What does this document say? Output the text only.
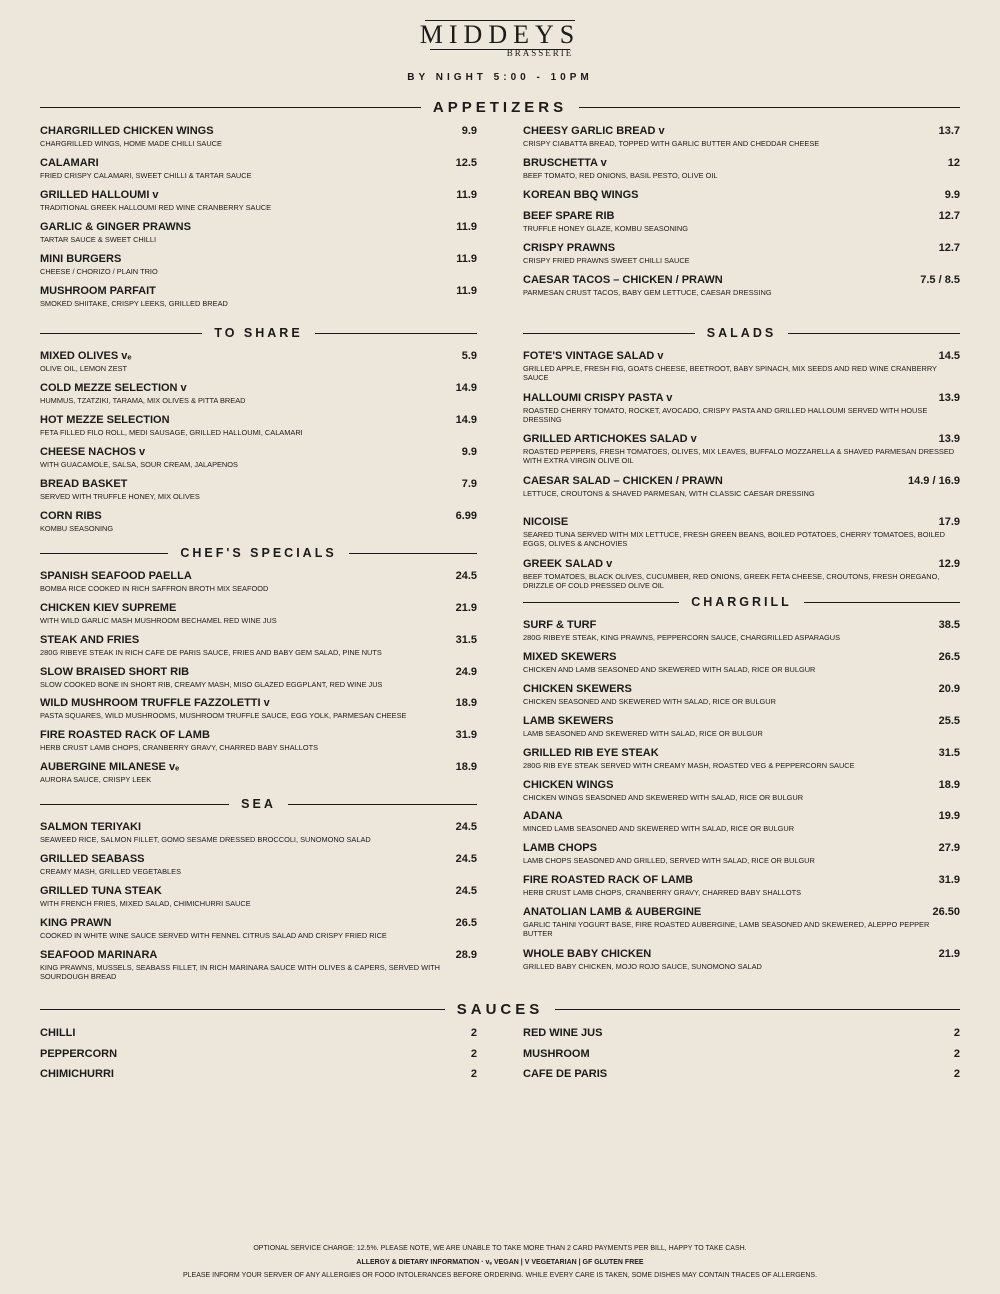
MIDDEYS
BRASSERIE
BY NIGHT 5:00 - 10PM
APPETIZERS
CHARGRILLED CHICKEN WINGS	9.9
CHARGRILLED WINGS, HOME MADE CHILLI SAUCE
CALAMARI	12.5
FRIED CRISPY CALAMARI, SWEET CHILLI & TARTAR SAUCE
GRILLED HALLOUMI v	11.9
TRADITIONAL GREEK HALLOUMI RED WINE CRANBERRY SAUCE
GARLIC & GINGER PRAWNS	11.9
TARTAR SAUCE & SWEET CHILLI
MINI BURGERS	11.9
CHEESE / CHORIZO / PLAIN TRIO
MUSHROOM PARFAIT	11.9
SMOKED SHIITAKE, CRISPY LEEKS, GRILLED BREAD
CHEESY GARLIC BREAD v	13.7
CRISPY CIABATTA BREAD, TOPPED WITH GARLIC BUTTER AND CHEDDAR CHEESE
BRUSCHETTA v	12
BEEF TOMATO, RED ONIONS, BASIL PESTO, OLIVE OIL
KOREAN BBQ WINGS	9.9
BEEF SPARE RIB	12.7
TRUFFLE HONEY GLAZE, KOMBU SEASONING
CRISPY PRAWNS	12.7
CRISPY FRIED PRAWNS SWEET CHILLI SAUCE
CAESAR TACOS – CHICKEN / PRAWN	7.5 / 8.5
PARMESAN CRUST TACOS, BABY GEM LETTUCE, CAESAR DRESSING
TO SHARE
MIXED OLIVES vₑ	5.9
OLIVE OIL, LEMON ZEST
COLD MEZZE SELECTION v	14.9
HUMMUS, TZATZIKI, TARAMA, MIX OLIVES & PITTA BREAD
HOT MEZZE SELECTION	14.9
FETA FILLED FILO ROLL, MEDI SAUSAGE, GRILLED HALLOUMI, CALAMARI
CHEESE NACHOS v	9.9
WITH GUACAMOLE, SALSA, SOUR CREAM, JALAPENOS
BREAD BASKET	7.9
SERVED WITH TRUFFLE HONEY, MIX OLIVES
CORN RIBS	6.99
KOMBU SEASONING
CHEF'S SPECIALS
SPANISH SEAFOOD PAELLA	24.5
BOMBA RICE COOKED IN RICH SAFFRON BROTH MIX SEAFOOD
CHICKEN KIEV SUPREME	21.9
WITH WILD GARLIC MASH MUSHROOM BECHAMEL RED WINE JUS
STEAK AND FRIES	31.5
280G RIBEYE STEAK IN RICH CAFE DE PARIS SAUCE, FRIES AND BABY GEM SALAD, PINE NUTS
SLOW BRAISED SHORT RIB	24.9
SLOW COOKED BONE IN SHORT RIB, CREAMY MASH, MISO GLAZED EGGPLANT, RED WINE JUS
WILD MUSHROOM TRUFFLE FAZZOLETTI v	18.9
PASTA SQUARES, WILD MUSHROOMS, MUSHROOM TRUFFLE SAUCE, EGG YOLK, PARMESAN CHEESE
FIRE ROASTED RACK OF LAMB	31.9
HERB CRUST LAMB CHOPS, CRANBERRY GRAVY, CHARRED BABY SHALLOTS
AUBERGINE MILANESE vₑ	18.9
AURORA SAUCE, CRISPY LEEK
SEA
SALMON TERIYAKI	24.5
SEAWEED RICE, SALMON FILLET, GOMO SESAME DRESSED BROCCOLI, SUNOMONO SALAD
GRILLED SEABASS	24.5
CREAMY MASH, GRILLED VEGETABLES
GRILLED TUNA STEAK	24.5
WITH FRENCH FRIES, MIXED SALAD, CHIMICHURRI SAUCE
KING PRAWN	26.5
COOKED IN WHITE WINE SAUCE SERVED WITH FENNEL CITRUS SALAD AND CRISPY FRIED RICE
SEAFOOD MARINARA	28.9
KING PRAWNS, MUSSELS, SEABASS FILLET, IN RICH MARINARA SAUCE WITH OLIVES & CAPERS, SERVED WITH SOURDOUGH BREAD
SALADS
FOTE'S VINTAGE SALAD v	14.5
GRILLED APPLE, FRESH FIG, GOATS CHEESE, BEETROOT, BABY SPINACH, MIX SEEDS AND RED WINE CRANBERRY SAUCE
HALLOUMI CRISPY PASTA v	13.9
ROASTED CHERRY TOMATO, ROCKET, AVOCADO, CRISPY PASTA AND GRILLED HALLOUMI SERVED WITH HOUSE DRESSING
GRILLED ARTICHOKES SALAD v	13.9
ROASTED PEPPERS, FRESH TOMATOES, OLIVES, MIX LEAVES, BUFFALO MOZZARELLA & SHAVED PARMESAN DRESSED WITH EXTRA VIRGIN OLIVE OIL
CAESAR SALAD – CHICKEN / PRAWN	14.9 / 16.9
LETTUCE, CROUTONS & SHAVED PARMESAN, WITH CLASSIC CAESAR DRESSING
NICOISE	17.9
SEARED TUNA SERVED WITH MIX LETTUCE, FRESH GREEN BEANS, BOILED POTATOES, CHERRY TOMATOES, BOILED EGGS, OLIVES & ANCHOVIES
GREEK SALAD v	12.9
BEEF TOMATOES, BLACK OLIVES, CUCUMBER, RED ONIONS, GREEK FETA CHEESE, CROUTONS, FRESH OREGANO, DRIZZLE OF COLD PRESSED OLIVE OIL
CHARGRILL
SURF & TURF	38.5
280G RIBEYE STEAK, KING PRAWNS, PEPPERCORN SAUCE, CHARGRILLED ASPARAGUS
MIXED SKEWERS	26.5
CHICKEN AND LAMB SEASONED AND SKEWERED WITH SALAD, RICE OR BULGUR
CHICKEN SKEWERS	20.9
CHICKEN SEASONED AND SKEWERED WITH SALAD, RICE OR BULGUR
LAMB SKEWERS	25.5
LAMB SEASONED AND SKEWERED WITH SALAD, RICE OR BULGUR
GRILLED RIB EYE STEAK	31.5
280G RIB EYE STEAK SERVED WITH CREAMY MASH, ROASTED VEG & PEPPERCORN SAUCE
CHICKEN WINGS	18.9
CHICKEN WINGS SEASONED AND SKEWERED WITH SALAD, RICE OR BULGUR
ADANA	19.9
MINCED LAMB SEASONED AND SKEWERED WITH SALAD, RICE OR BULGUR
LAMB CHOPS	27.9
LAMB CHOPS SEASONED AND GRILLED, SERVED WITH SALAD, RICE OR BULGUR
FIRE ROASTED RACK OF LAMB	31.9
HERB CRUST LAMB CHOPS, CRANBERRY GRAVY, CHARRED BABY SHALLOTS
ANATOLIAN LAMB & AUBERGINE	26.50
GARLIC TAHINI YOGURT BASE, FIRE ROASTED AUBERGINE, LAMB SEASONED AND SKEWERED, ALEPPO PEPPER BUTTER
WHOLE BABY CHICKEN	21.9
GRILLED BABY CHICKEN, MOJO ROJO SAUCE, SUNOMONO SALAD
SAUCES
CHILLI	2
PEPPERCORN	2
CHIMICHURRI	2
RED WINE JUS	2
MUSHROOM	2
CAFE DE PARIS	2
OPTIONAL SERVICE CHARGE: 12.5%. PLEASE NOTE, WE ARE UNABLE TO TAKE MORE THAN 2 CARD PAYMENTS PER BILL, HAPPY TO TAKE CASH.
ALLERGY & DIETARY INFORMATION · vₑ VEGAN | V VEGETARIAN | GF GLUTEN FREE
PLEASE INFORM YOUR SERVER OF ANY ALLERGIES OR FOOD INTOLERANCES BEFORE ORDERING. WHILE EVERY CARE IS TAKEN, SOME DISHES MAY CONTAIN TRACES OF ALLERGENS.
